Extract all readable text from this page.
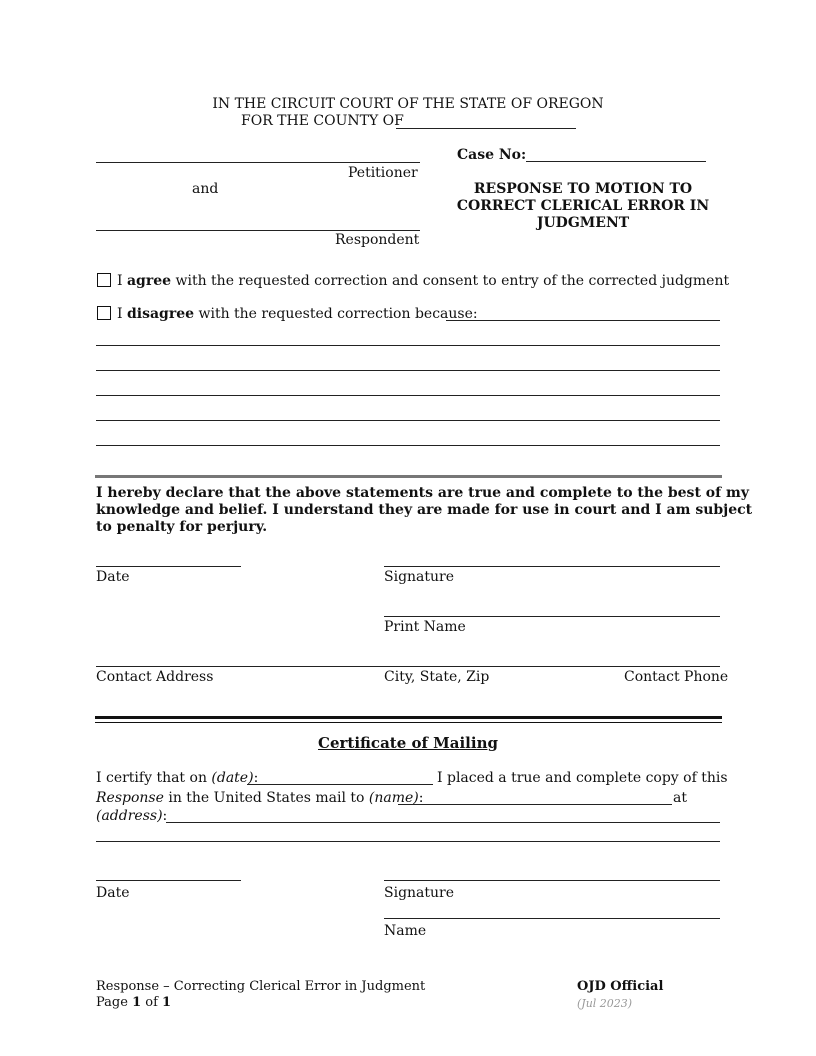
IN THE CIRCUIT COURT OF THE STATE OF OREGON
FOR THE COUNTY OF
Petitioner
and
Respondent
Case No:
RESPONSE TO MOTION TO
CORRECT CLERICAL ERROR IN
JUDGMENT
I agree with the requested correction and consent to entry of the corrected judgment
I disagree with the requested correction because:
I hereby declare that the above statements are true and complete to the best of my
knowledge and belief. I understand they are made for use in court and I am subject
to penalty for perjury.
Date	Signature
Print Name
Contact Address	City, State, Zip	Contact Phone
Certificate of Mailing
I certify that on (date):	I placed a true and complete copy of this
Response in the United States mail to (name):	at
(address):
Date	Signature
Name
Response – Correcting Clerical Error in Judgment
Page 1 of 1
OJD Official
(Jul 2023)
